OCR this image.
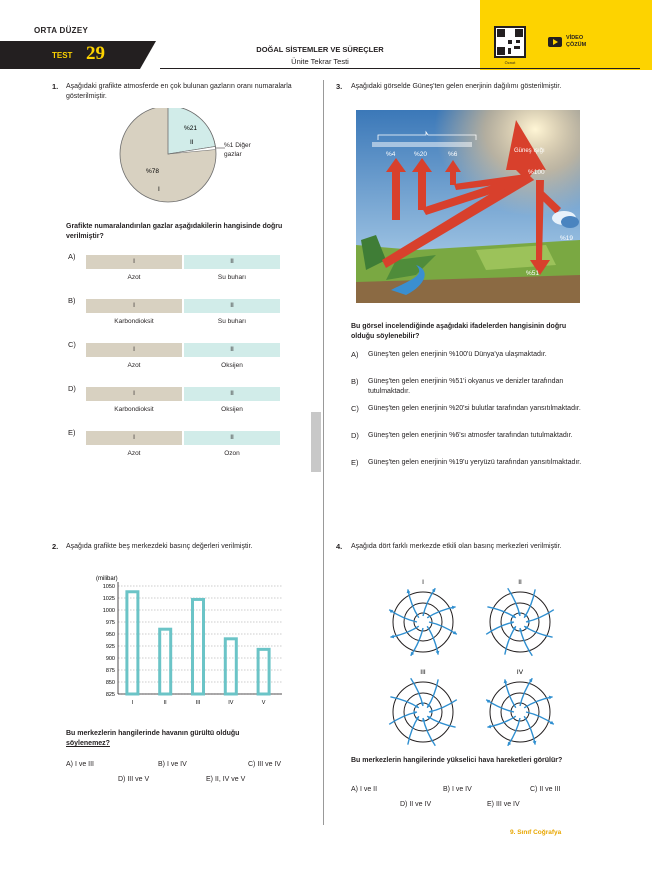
ORTA DÜZEY
TEST 29	DOĞAL SİSTEMLER VE SÜREÇLER
Ünite Tekrar Testi	Öcnot
VİDEO
ÇÖZÜM
1. Aşağıdaki grafikte atmosferde en çok bulunan gazların oranı numaralarla gösterilmiştir.
%21
II
%78
I
%1 Diğer gazlar
Grafikte numaralandırılan gazlar aşağıdakilerin hangisinde doğru verilmiştir?
A)
I	II
Azot	Su buharı
B)
I	II
Karbondioksit	Su buharı
C)
I	II
Azot	Oksijen
D)
I	II
Karbondioksit	Oksijen
E)
I	II
Azot	Ozon
2. Aşağıda grafikte beş merkezdeki basınç değerleri verilmiştir.
(milibar)
1050
1025
1000
975
950
925
900
875
850
825
I	II	III	IV	V
Bu merkezlerin hangilerinde havanın gürültü olduğu
söylenemez?
A) I ve III	B) I ve IV	C) III ve IV
D) III ve V	E) II, IV ve V
3. Aşağıdaki görselde Güneş'ten gelen enerjinin dağılımı gösterilmiştir.
Güneş ışığı
%4	%20	%6
%100
%19
%51
Bu görsel incelendiğinde aşağıdaki ifadelerden hangisinin doğru olduğu söylenebilir?
A) Güneş'ten gelen enerjinin %100'ü Dünya'ya ulaşmaktadır.
B) Güneş'ten gelen enerjinin %51'i okyanus ve denizler tarafından tutulmaktadır.
C) Güneş'ten gelen enerjinin %20'si bulutlar tarafından yansıtılmaktadır.
D) Güneş'ten gelen enerjinin %6'sı atmosfer tarafından tutulmaktadır.
E) Güneş'ten gelen enerjinin %19'u yeryüzü tarafından yansıtılmaktadır.
4. Aşağıda dört farklı merkezde etkili olan basınç merkezleri verilmiştir.
I	II
III	IV
Bu merkezlerin hangilerinde yükselici hava hareketleri görülür?
A) I ve II	B) I ve IV	C) II ve III
D) II ve IV	E) III ve IV
9. Sınıf Coğrafya
